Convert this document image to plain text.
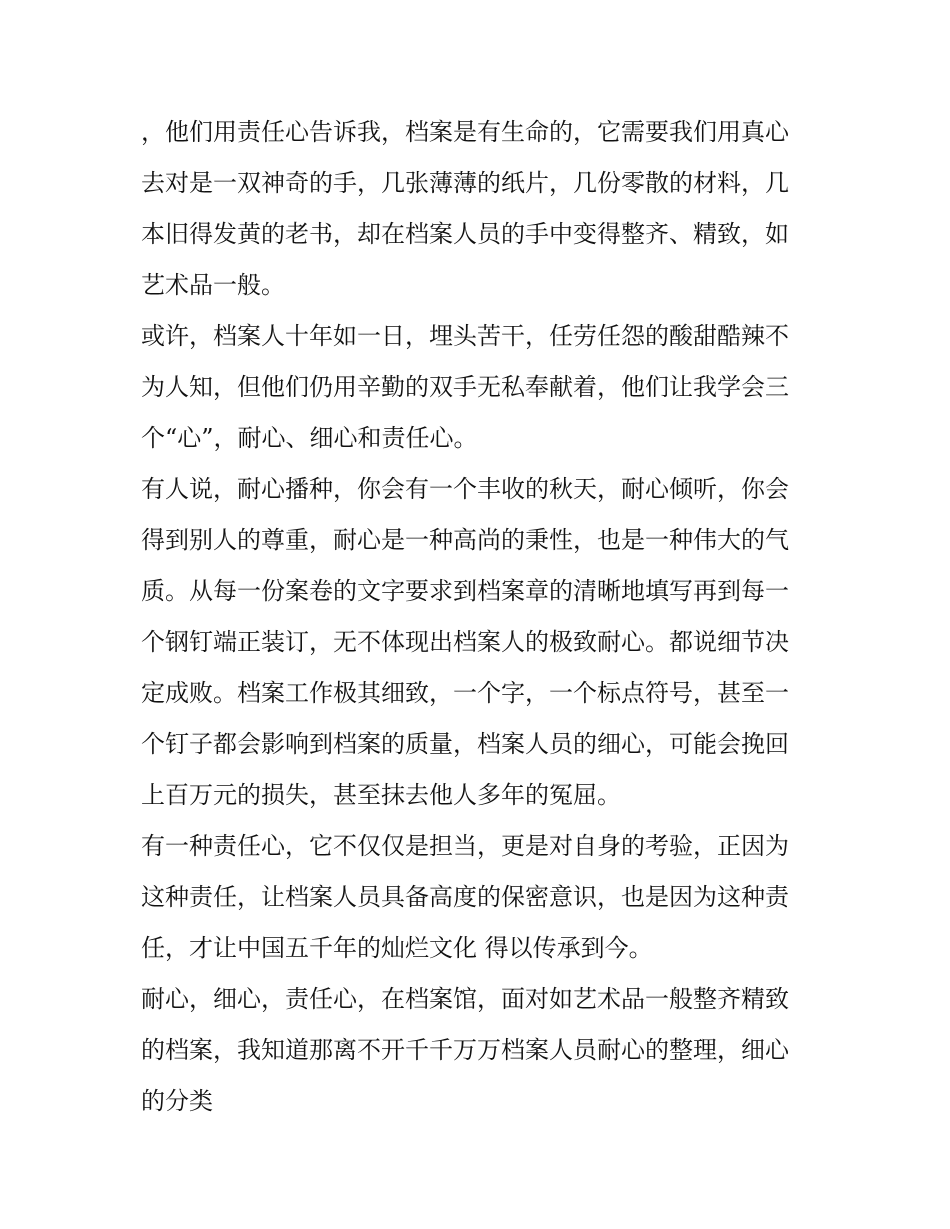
，他们用责任心告诉我，档案是有生命的，它需要我们用真心
去对是一双神奇的手，几张薄薄的纸片，几份零散的材料，几
本旧得发黄的老书，却在档案人员的手中变得整齐、精致，如
艺术品一般。
或许，档案人十年如一日，埋头苦干，任劳任怨的酸甜酷辣不
为人知，但他们仍用辛勤的双手无私奉献着，他们让我学会三
个“心”，耐心、细心和责任心。
有人说，耐心播种，你会有一个丰收的秋天，耐心倾听，你会
得到别人的尊重，耐心是一种高尚的秉性，也是一种伟大的气
质。从每一份案卷的文字要求到档案章的清晰地填写再到每一
个钢钉端正装订，无不体现出档案人的极致耐心。都说细节决
定成败。档案工作极其细致，一个字，一个标点符号，甚至一
个钉子都会影响到档案的质量，档案人员的细心，可能会挽回
上百万元的损失，甚至抹去他人多年的冤屈。
有一种责任心，它不仅仅是担当，更是对自身的考验，正因为
这种责任，让档案人员具备高度的保密意识，也是因为这种责
任，才让中国五千年的灿烂文化 得以传承到今。
耐心，细心，责任心，在档案馆，面对如艺术品一般整齐精致
的档案，我知道那离不开千千万万档案人员耐心的整理，细心
的分类
